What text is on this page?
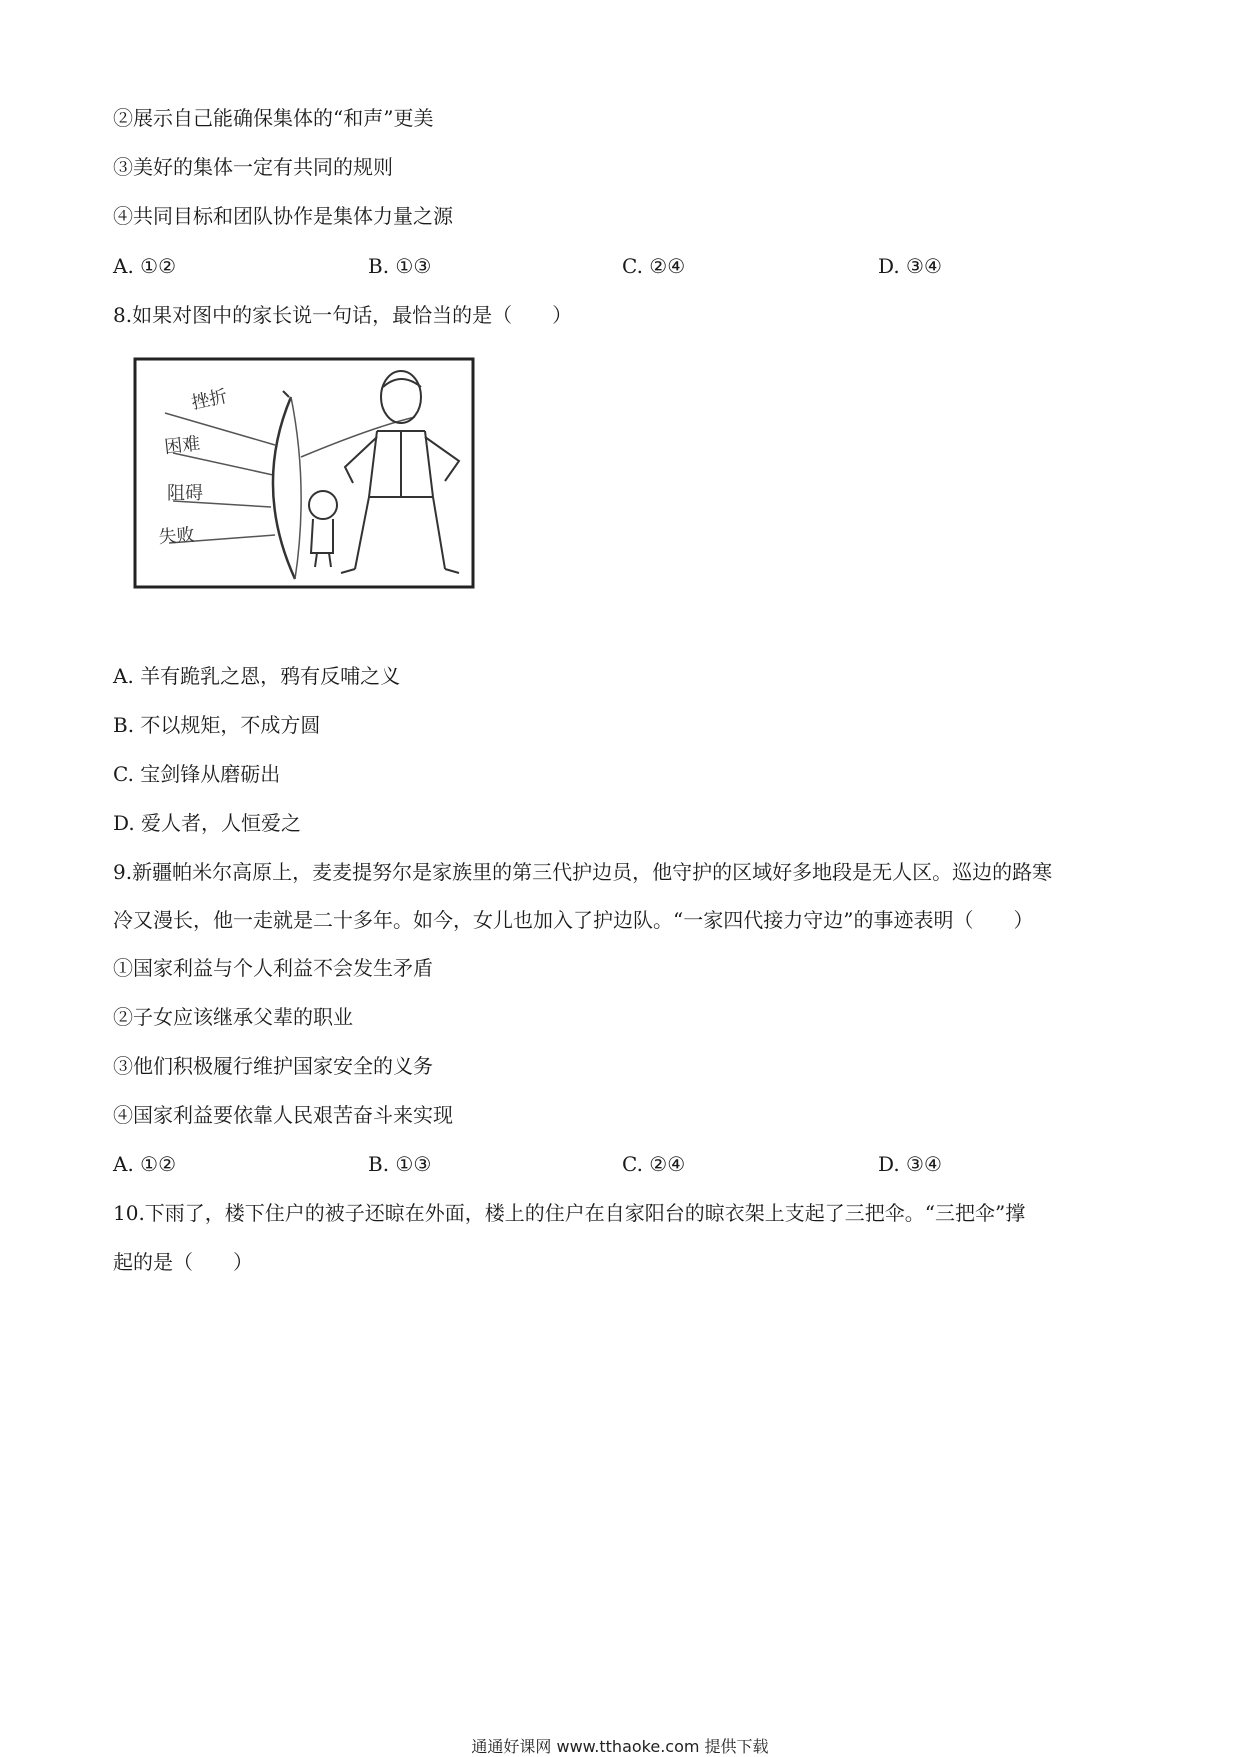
②展示自己能确保集体的“和声”更美
③美好的集体一定有共同的规则
④共同目标和团队协作是集体力量之源
A. ①②	B. ①③	C. ②④	D. ③④
8.如果对图中的家长说一句话，最恰当的是（　　）
挫折
困难
阻碍
失败
A. 羊有跪乳之恩，鸦有反哺之义
B. 不以规矩，不成方圆
C. 宝剑锋从磨砺出
D. 爱人者，人恒爱之
9.新疆帕米尔高原上，麦麦提努尔是家族里的第三代护边员，他守护的区域好多地段是无人区。巡边的路寒
冷又漫长，他一走就是二十多年。如今，女儿也加入了护边队。“一家四代接力守边”的事迹表明（　　）
①国家利益与个人利益不会发生矛盾
②子女应该继承父辈的职业
③他们积极履行维护国家安全的义务
④国家利益要依靠人民艰苦奋斗来实现
A. ①②	B. ①③	C. ②④	D. ③④
10.下雨了，楼下住户的被子还晾在外面，楼上的住户在自家阳台的晾衣架上支起了三把伞。“三把伞”撑
起的是（　　）
通通好课网 www.tthaoke.com 提供下载
